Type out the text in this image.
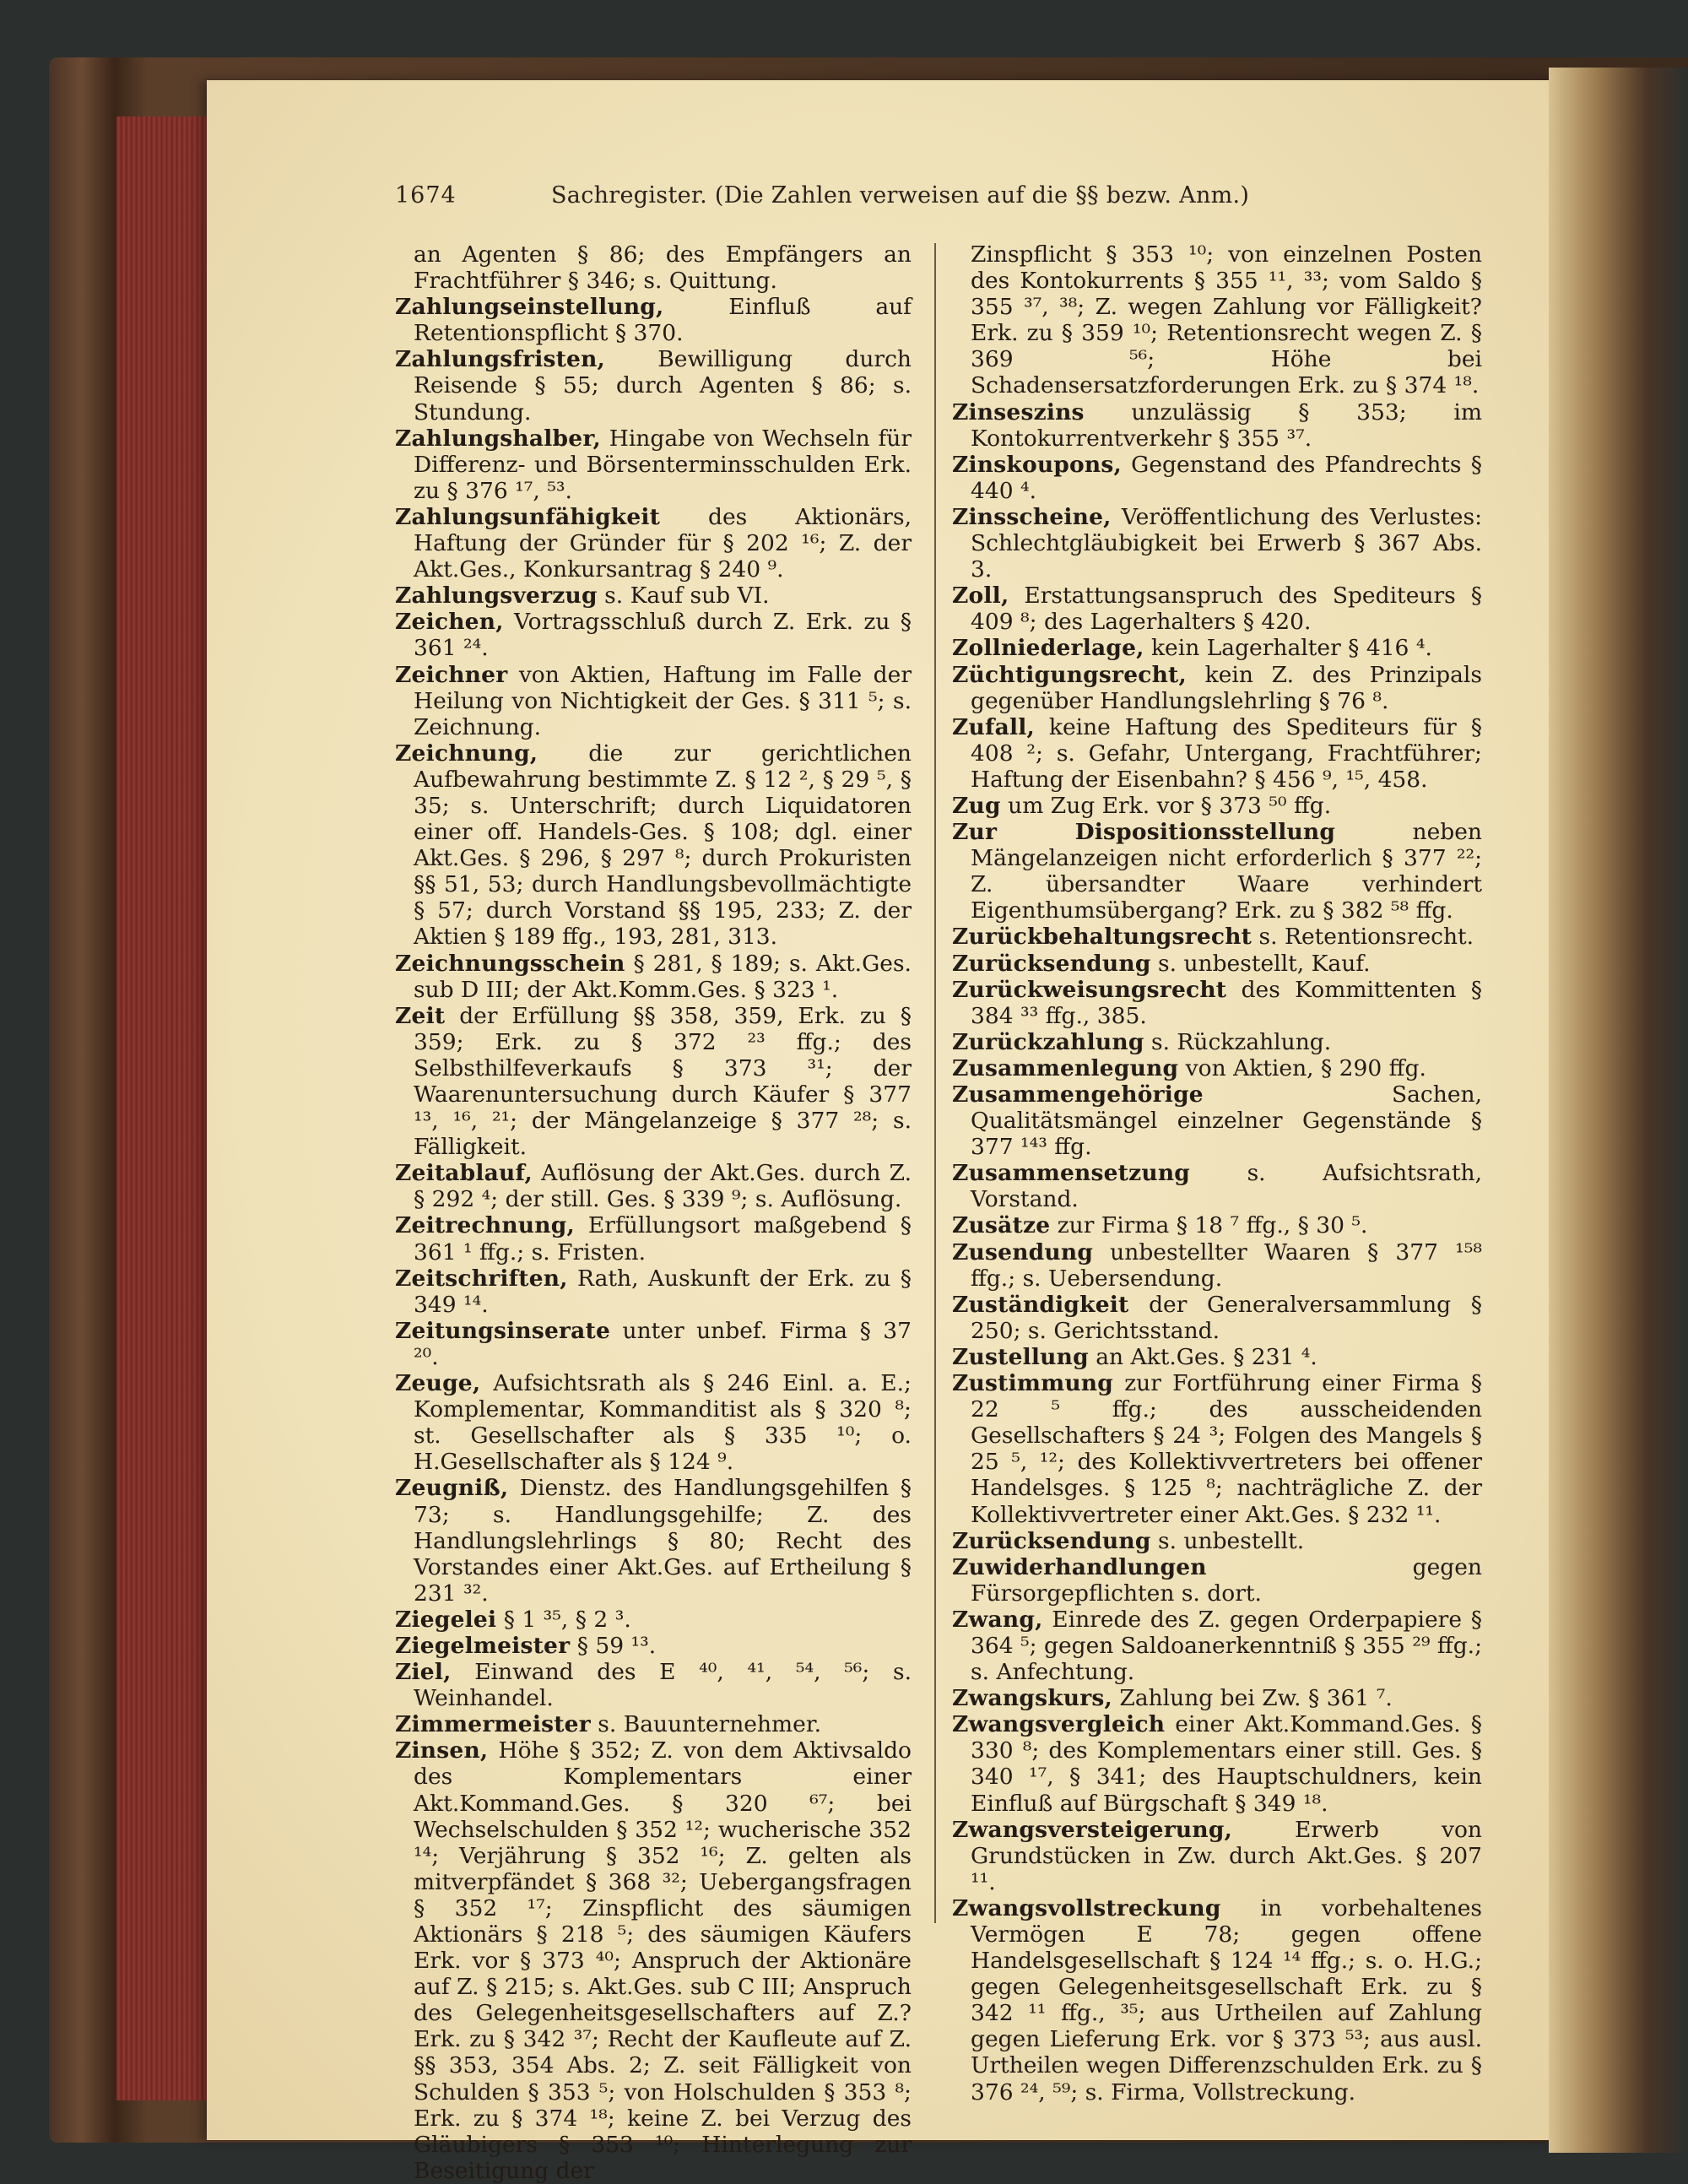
1674	Sachregister. (Die Zahlen verweisen auf die §§ bezw. Anm.)
an Agenten § 86; des Empfängers an Frachtführer § 346; s. Quittung.
Zahlungseinstellung, Einfluß auf Retentionspflicht § 370.
Zahlungsfristen, Bewilligung durch Reisende § 55; durch Agenten § 86; s. Stundung.
Zahlungshalber, Hingabe von Wechseln für Differenz- und Börsenterminsschulden Erk. zu § 376 ¹⁷, ⁵³.
Zahlungsunfähigkeit des Aktionärs, Haftung der Gründer für § 202 ¹⁶; Z. der Akt.Ges., Konkursantrag § 240 ⁹.
Zahlungsverzug s. Kauf sub VI.
Zeichen, Vortragsschluß durch Z. Erk. zu § 361 ²⁴.
Zeichner von Aktien, Haftung im Falle der Heilung von Nichtigkeit der Ges. § 311 ⁵; s. Zeichnung.
Zeichnung, die zur gerichtlichen Aufbewahrung bestimmte Z. § 12 ², § 29 ⁵, § 35; s. Unterschrift; durch Liquidatoren einer off. Handels-Ges. § 108; dgl. einer Akt.Ges. § 296, § 297 ⁸; durch Prokuristen §§ 51, 53; durch Handlungsbevollmächtigte § 57; durch Vorstand §§ 195, 233; Z. der Aktien § 189 ffg., 193, 281, 313.
Zeichnungsschein § 281, § 189; s. Akt.Ges. sub D III; der Akt.Komm.Ges. § 323 ¹.
Zeit der Erfüllung §§ 358, 359, Erk. zu § 359; Erk. zu § 372 ²³ ffg.; des Selbsthilfeverkaufs § 373 ³¹; der Waarenuntersuchung durch Käufer § 377 ¹³, ¹⁶, ²¹; der Mängelanzeige § 377 ²⁸; s. Fälligkeit.
Zeitablauf, Auflösung der Akt.Ges. durch Z. § 292 ⁴; der still. Ges. § 339 ⁹; s. Auflösung.
Zeitrechnung, Erfüllungsort maßgebend § 361 ¹ ffg.; s. Fristen.
Zeitschriften, Rath, Auskunft der Erk. zu § 349 ¹⁴.
Zeitungsinserate unter unbef. Firma § 37 ²⁰.
Zeuge, Aufsichtsrath als § 246 Einl. a. E.; Komplementar, Kommanditist als § 320 ⁸; st. Gesellschafter als § 335 ¹⁰; o. H.Gesellschafter als § 124 ⁹.
Zeugniß, Dienstz. des Handlungsgehilfen § 73; s. Handlungsgehilfe; Z. des Handlungslehrlings § 80; Recht des Vorstandes einer Akt.Ges. auf Ertheilung § 231 ³².
Ziegelei § 1 ³⁵, § 2 ³.
Ziegelmeister § 59 ¹³.
Ziel, Einwand des E ⁴⁰, ⁴¹, ⁵⁴, ⁵⁶; s. Weinhandel.
Zimmermeister s. Bauunternehmer.
Zinsen, Höhe § 352; Z. von dem Aktivsaldo des Komplementars einer Akt.Kommand.Ges. § 320 ⁶⁷; bei Wechselschulden § 352 ¹²; wucherische 352 ¹⁴; Verjährung § 352 ¹⁶; Z. gelten als mitverpfändet § 368 ³²; Uebergangsfragen § 352 ¹⁷; Zinspflicht des säumigen Aktionärs § 218 ⁵; des säumigen Käufers Erk. vor § 373 ⁴⁰; Anspruch der Aktionäre auf Z. § 215; s. Akt.Ges. sub C III; Anspruch des Gelegenheitsgesellschafters auf Z.? Erk. zu § 342 ³⁷; Recht der Kaufleute auf Z. §§ 353, 354 Abs. 2; Z. seit Fälligkeit von Schulden § 353 ⁵; von Holschulden § 353 ⁸; Erk. zu § 374 ¹⁸; keine Z. bei Verzug des Gläubigers § 353 ¹⁰; Hinterlegung zur Beseitigung der
Zinspflicht § 353 ¹⁰; von einzelnen Posten des Kontokurrents § 355 ¹¹, ³³; vom Saldo § 355 ³⁷, ³⁸; Z. wegen Zahlung vor Fälligkeit? Erk. zu § 359 ¹⁰; Retentionsrecht wegen Z. § 369 ⁵⁶; Höhe bei Schadensersatzforderungen Erk. zu § 374 ¹⁸.
Zinseszins unzulässig § 353; im Kontokurrentverkehr § 355 ³⁷.
Zinskoupons, Gegenstand des Pfandrechts § 440 ⁴.
Zinsscheine, Veröffentlichung des Verlustes: Schlechtgläubigkeit bei Erwerb § 367 Abs. 3.
Zoll, Erstattungsanspruch des Spediteurs § 409 ⁸; des Lagerhalters § 420.
Zollniederlage, kein Lagerhalter § 416 ⁴.
Züchtigungsrecht, kein Z. des Prinzipals gegenüber Handlungslehrling § 76 ⁸.
Zufall, keine Haftung des Spediteurs für § 408 ²; s. Gefahr, Untergang, Frachtführer; Haftung der Eisenbahn? § 456 ⁹, ¹⁵, 458.
Zug um Zug Erk. vor § 373 ⁵⁰ ffg.
Zur Dispositionsstellung neben Mängelanzeigen nicht erforderlich § 377 ²²; Z. übersandter Waare verhindert Eigenthumsübergang? Erk. zu § 382 ⁵⁸ ffg.
Zurückbehaltungsrecht s. Retentionsrecht.
Zurücksendung s. unbestellt, Kauf.
Zurückweisungsrecht des Kommittenten § 384 ³³ ffg., 385.
Zurückzahlung s. Rückzahlung.
Zusammenlegung von Aktien, § 290 ffg.
Zusammengehörige Sachen, Qualitätsmängel einzelner Gegenstände § 377 ¹⁴³ ffg.
Zusammensetzung s. Aufsichtsrath, Vorstand.
Zusätze zur Firma § 18 ⁷ ffg., § 30 ⁵.
Zusendung unbestellter Waaren § 377 ¹⁵⁸ ffg.; s. Uebersendung.
Zuständigkeit der Generalversammlung § 250; s. Gerichtsstand.
Zustellung an Akt.Ges. § 231 ⁴.
Zustimmung zur Fortführung einer Firma § 22 ⁵ ffg.; des ausscheidenden Gesellschafters § 24 ³; Folgen des Mangels § 25 ⁵, ¹²; des Kollektivvertreters bei offener Handelsges. § 125 ⁸; nachträgliche Z. der Kollektivvertreter einer Akt.Ges. § 232 ¹¹.
Zurücksendung s. unbestellt.
Zuwiderhandlungen gegen Fürsorgepflichten s. dort.
Zwang, Einrede des Z. gegen Orderpapiere § 364 ⁵; gegen Saldoanerkenntniß § 355 ²⁹ ffg.; s. Anfechtung.
Zwangskurs, Zahlung bei Zw. § 361 ⁷.
Zwangsvergleich einer Akt.Kommand.Ges. § 330 ⁸; des Komplementars einer still. Ges. § 340 ¹⁷, § 341; des Hauptschuldners, kein Einfluß auf Bürgschaft § 349 ¹⁸.
Zwangsversteigerung, Erwerb von Grundstücken in Zw. durch Akt.Ges. § 207 ¹¹.
Zwangsvollstreckung in vorbehaltenes Vermögen E 78; gegen offene Handelsgesellschaft § 124 ¹⁴ ffg.; s. o. H.G.; gegen Gelegenheitsgesellschaft Erk. zu § 342 ¹¹ ffg., ³⁵; aus Urtheilen auf Zahlung gegen Lieferung Erk. vor § 373 ⁵³; aus ausl. Urtheilen wegen Differenzschulden Erk. zu § 376 ²⁴, ⁵⁹; s. Firma, Vollstreckung.
